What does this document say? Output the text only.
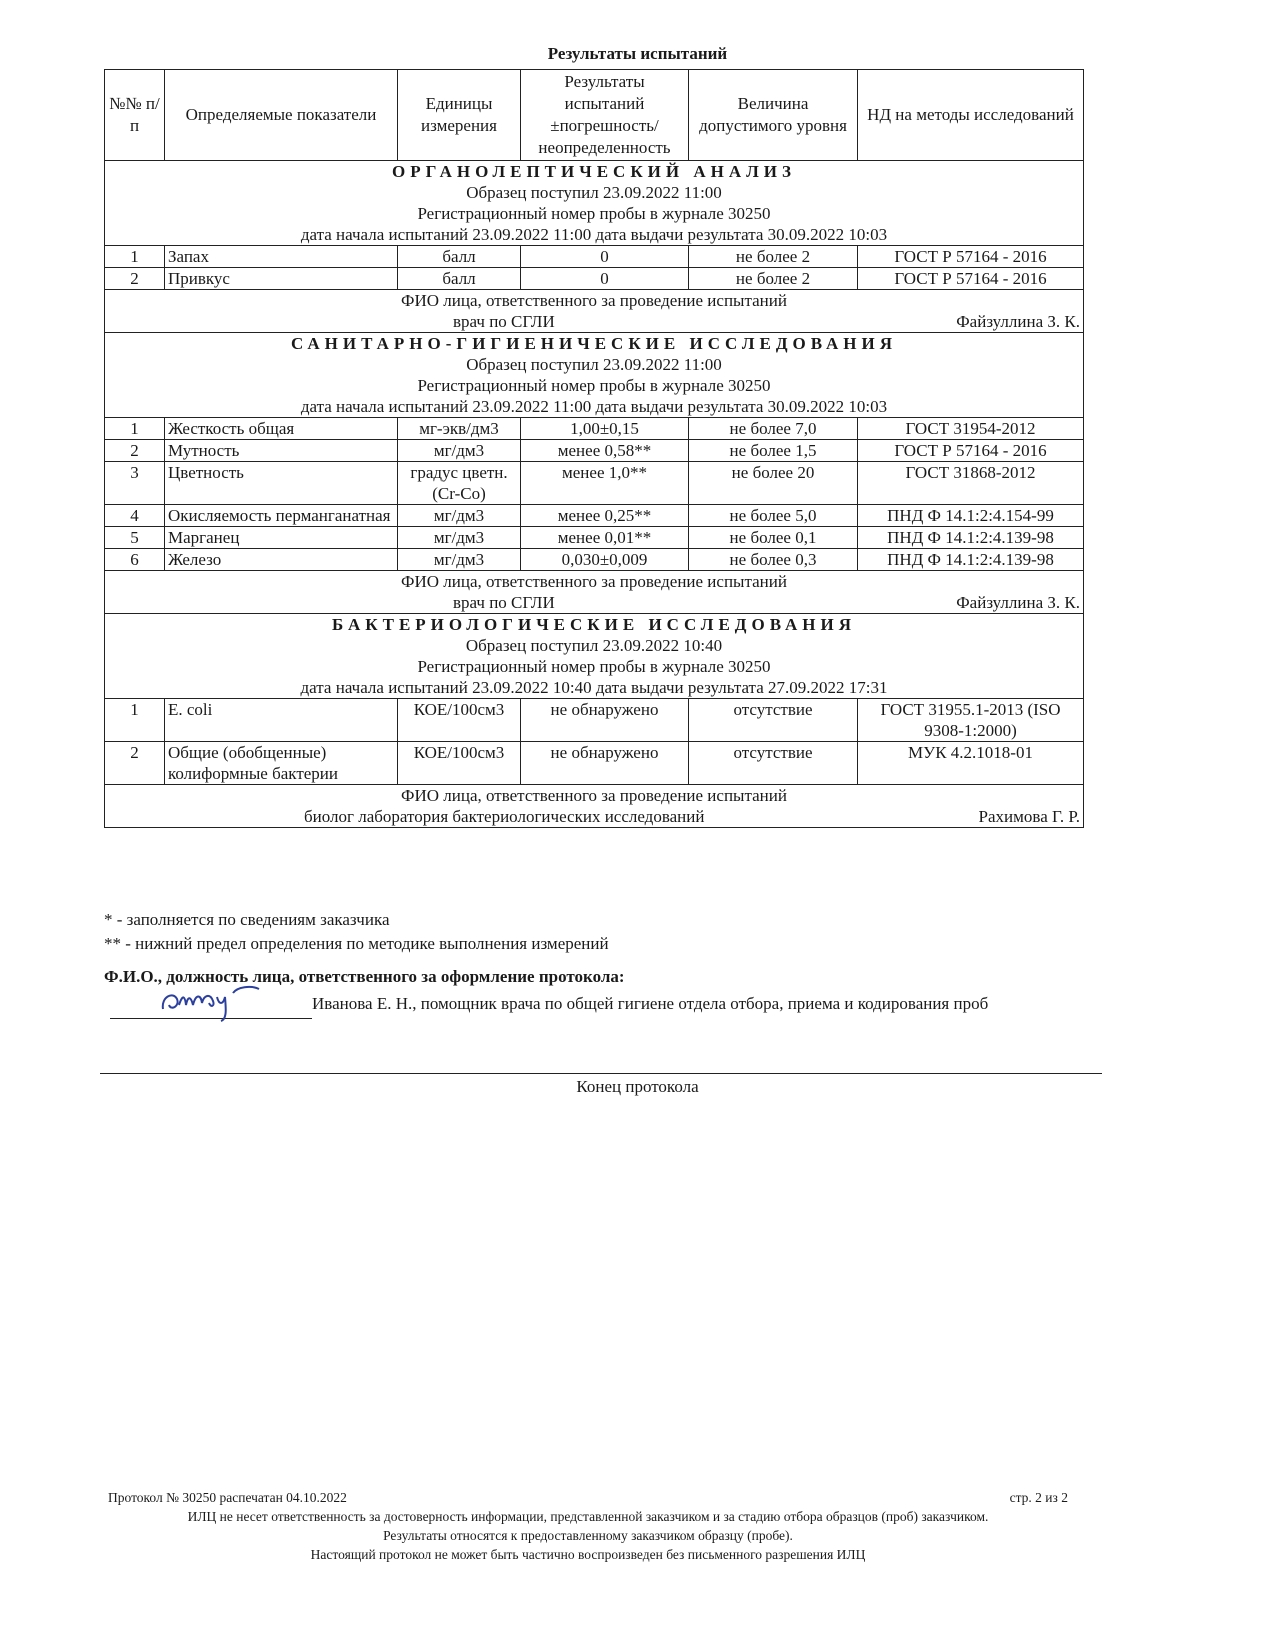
Результаты испытаний
№№ п/п	Определяемые показатели	Единицы измерения	Результаты испытаний ±погрешность/ неопределенность	Величина допустимого уровня	НД на методы исследований

ОРГАНОЛЕПТИЧЕСКИЙ АНАЛИЗ
Образец поступил 23.09.2022 11:00
Регистрационный номер пробы в журнале 30250
дата начала испытаний 23.09.2022 11:00 дата выдачи результата 30.09.2022 10:03					

1	Запах	балл	0	не более 2	ГОСТ Р 57164 - 2016
2	Привкус	балл	0	не более 2	ГОСТ Р 57164 - 2016

ФИО лица, ответственного за проведение испытаний
врач по СГЛИ Файзуллина З. К.					

САНИТАРНО-ГИГИЕНИЧЕСКИЕ ИССЛЕДОВАНИЯ
Образец поступил 23.09.2022 11:00
Регистрационный номер пробы в журнале 30250
дата начала испытаний 23.09.2022 11:00 дата выдачи результата 30.09.2022 10:03					

1	Жесткость общая	мг-экв/дм3	1,00±0,15	не более 7,0	ГОСТ 31954-2012
2	Мутность	мг/дм3	менее 0,58**	не более 1,5	ГОСТ Р 57164 - 2016
3	Цветность	градус цветн.(Cr-Co)	менее 1,0**	не более 20	ГОСТ 31868-2012
4	Окисляемость перманганатная	мг/дм3	менее 0,25**	не более 5,0	ПНД Ф 14.1:2:4.154-99
5	Марганец	мг/дм3	менее 0,01**	не более 0,1	ПНД Ф 14.1:2:4.139-98
6	Железо	мг/дм3	0,030±0,009	не более 0,3	ПНД Ф 14.1:2:4.139-98

ФИО лица, ответственного за проведение испытаний
врач по СГЛИ Файзуллина З. К.					

БАКТЕРИОЛОГИЧЕСКИЕ ИССЛЕДОВАНИЯ
Образец поступил 23.09.2022 10:40
Регистрационный номер пробы в журнале 30250
дата начала испытаний 23.09.2022 10:40 дата выдачи результата 27.09.2022 17:31					

1	E. coli	КОЕ/100см3	не обнаружено	отсутствие	ГОСТ 31955.1-2013 (ISO 9308-1:2000)
2	Общие (обобщенные) колиформные бактерии	КОЕ/100см3	не обнаружено	отсутствие	МУК 4.2.1018-01

ФИО лица, ответственного за проведение испытаний
биолог лаборатория бактериологических исследований Рахимова Г. Р.					
* - заполняется по сведениям заказчика
** - нижний предел определения по методике выполнения измерений
Ф.И.О., должность лица, ответственного за оформление протокола:
Иванова Е. Н., помощник врача по общей гигиене отдела отбора, приема и кодирования проб
Конец протокола
Протокол № 30250 распечатан 04.10.2022	стр. 2 из 2
ИЛЦ не несет ответственность за достоверность информации, представленной заказчиком и за стадию отбора образцов (проб) заказчиком.
Результаты относятся к предоставленному заказчиком образцу (пробе).
Настоящий протокол не может быть частично воспроизведен без письменного разрешения ИЛЦ
